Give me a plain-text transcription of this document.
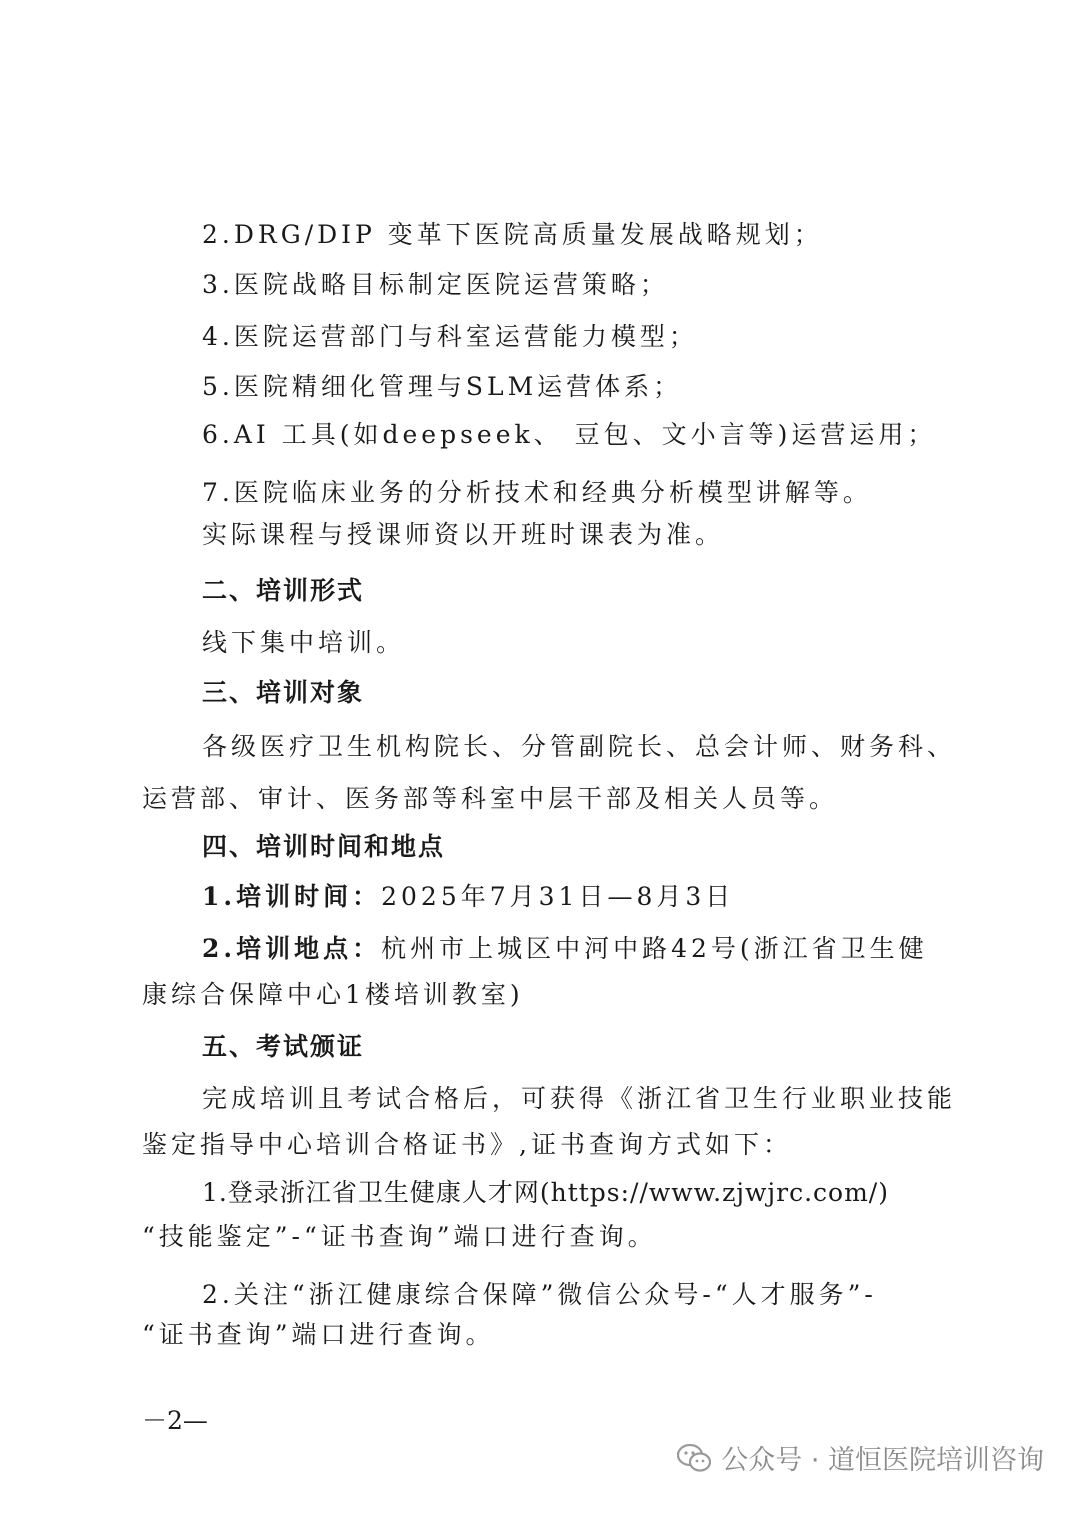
2.DRG/DIP 变革下医院高质量发展战略规划；
3.医院战略目标制定医院运营策略；
4.医院运营部门与科室运营能力模型；
5.医院精细化管理与SLM运营体系；
6.AI 工具(如deepseek、 豆包、文小言等)运营运用；
7.医院临床业务的分析技术和经典分析模型讲解等。
实际课程与授课师资以开班时课表为准。
二、培训形式
线下集中培训。
三、培训对象
各级医疗卫生机构院长、分管副院长、总会计师、财务科、
运营部、审计、医务部等科室中层干部及相关人员等。
四、培训时间和地点
1.培训时间：2025年7月31日—8月3日
2.培训地点：杭州市上城区中河中路42号(浙江省卫生健
康综合保障中心1楼培训教室)
五、考试颁证
完成培训且考试合格后，可获得《浙江省卫生行业职业技能
鉴定指导中心培训合格证书》,证书查询方式如下：
1.登录浙江省卫生健康人才网(https://www.zjwjrc.com/)
“技能鉴定”-“证书查询”端口进行查询。
2.关注“浙江健康综合保障”微信公众号-“人才服务”-
“证书查询”端口进行查询。
－2—
公众号 · 道恒医院培训咨询
